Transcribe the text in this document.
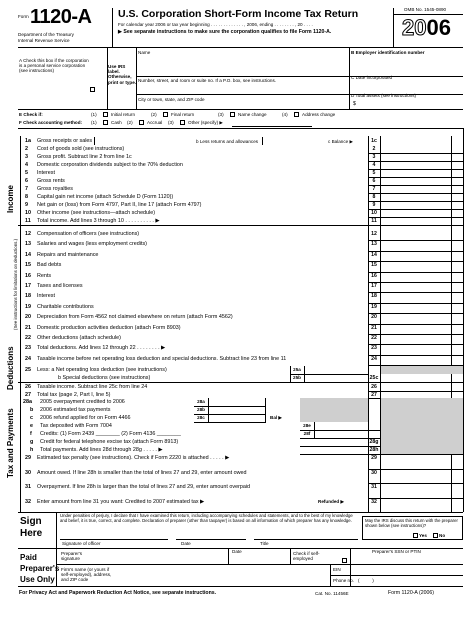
Form 1120-A
Department of the Treasury
Internal Revenue Service
U.S. Corporation Short-Form Income Tax Return
For calendar year 2006 or tax year beginning . . . . . . . . . . . . . , 2006, ending . . . . . . . . , 20 . . . .
▶ See separate instructions to make sure the corporation qualifies to file Form 1120-A.
OMB No. 1545-0890
2006
A Check this box if the corporation is a personal service corporation (see instructions)
Use IRS label. Otherwise, print or type.
Name
Number, street, and room or suite no. If a P.O. box, see instructions.
City or town, state, and ZIP code
B Employer identification number
C Date incorporated
D Total assets (see instructions)
$
E Check if:	(1)	Initial return	(2)	Final return	(3)	Name change	(4)	Address change
F Check accounting method: (1)	Cash (2)	Accrual (3)	Other (specify) ▶
Income
1a Gross receipts or sales	b Less returns and allowances	c Balance ▶	1c
2 Cost of goods sold (see instructions)	2
3 Gross profit. Subtract line 2 from line 1c	3
4 Domestic corporation dividends subject to the 70% deduction	4
5 Interest	5
6 Gross rents	6
7 Gross royalties	7
8 Capital gain net income (attach Schedule D (Form 1120))	8
9 Net gain or (loss) from Form 4797, Part II, line 17 (attach Form 4797)	9
10 Other income (see instructions—attach schedule)	10
11 Total income. Add lines 3 through 10 . . . . . . . . . . ▶	11
12 Compensation of officers (see instructions)	12
13 Salaries and wages (less employment credits)	13
14 Repairs and maintenance	14
15 Bad debts	15
16 Rents	16
17 Taxes and licenses	17
18 Interest	18
19 Charitable contributions	19
20 Depreciation from Form 4562 not claimed elsewhere on return (attach Form 4562)	20
21 Domestic production activities deduction (attach Form 8903)	21
22 Other deductions (attach schedule)	22
23 Total deductions. Add lines 12 through 22 . . . . . . . . ▶	23
24 Taxable income before net operating loss deduction and special deductions. Subtract line 23 from line 11	24
Deductions
(See instructions for limitations on deductions.)
25 Less: a Net operating loss deduction (see instructions)	25a
b Special deductions (see instructions)	25b	25c
Tax and Payments
26 Taxable income. Subtract line 25c from line 24	26
27 Total tax (page 2, Part I, line 5)	27
28a 2005 overpayment credited to 2006	28a
b 2006 estimated tax payments	28b
c 2006 refund applied for on Form 4466	28c	Bal ▶
e Tax deposited with Form 7004	28e
f Credits: (1) Form 2439 ________ (2) Form 4136 ________	28f
g Credit for federal telephone excise tax (attach Form 8913)	28g
h Total payments. Add lines 28d through 28g . . . . . ▶	28h
29 Estimated tax penalty (see instructions). Check if Form 2220 is attached . . . . . ▶	29
30 Amount owed. If line 28h is smaller than the total of lines 27 and 29, enter amount owed	30
31 Overpayment. If line 28h is larger than the total of lines 27 and 29, enter amount overpaid	31
32 Enter amount from line 31 you want: Credited to 2007 estimated tax ▶	32
Refunded ▶
Sign Here
Under penalties of perjury, I declare that I have examined this return, including accompanying schedules and statements, and to the best of my knowledge and belief, it is true, correct, and complete. Declaration of preparer (other than taxpayer) is based on all information of which preparer has any knowledge.
Signature of officer	Date	Title
May the IRS discuss this return with the preparer shown below (see instructions)?
Yes	No
Paid Preparer's Use Only
Preparer's signature
Firm's name (or yours if self-employed), address, and ZIP code
Date	Check if self-employed
Preparer's SSN or PTIN
EIN
Phone no. (          )
For Privacy Act and Paperwork Reduction Act Notice, see separate instructions.	Cat. No. 11456E	Form 1120-A (2006)
